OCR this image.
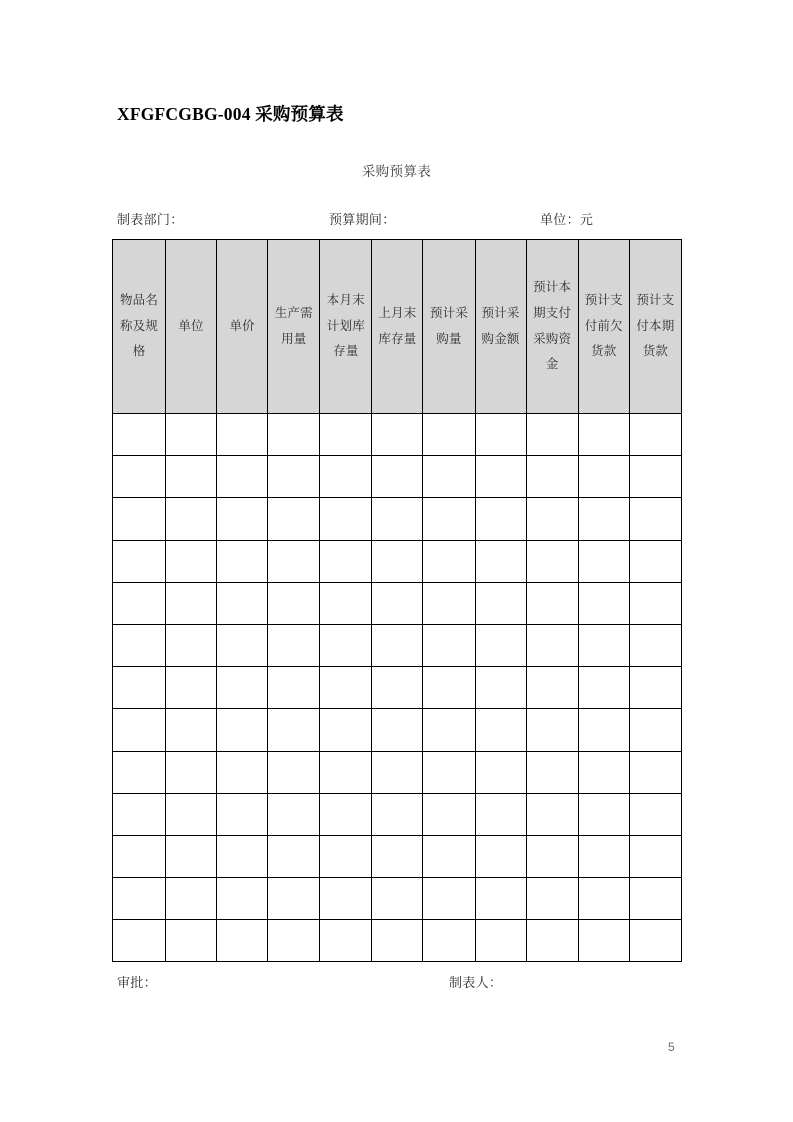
XFGFCGBG-004 采购预算表
采购预算表
制表部门：	预算期间：	单位：元
物品名称及规格	单位	单价	生产需用量	本月末计划库存量	上月末库存量	预计采购量	预计采购金额	预计本期支付采购资金	预计支付前欠货款	预计支付本期货款

审批：	制表人：
5
